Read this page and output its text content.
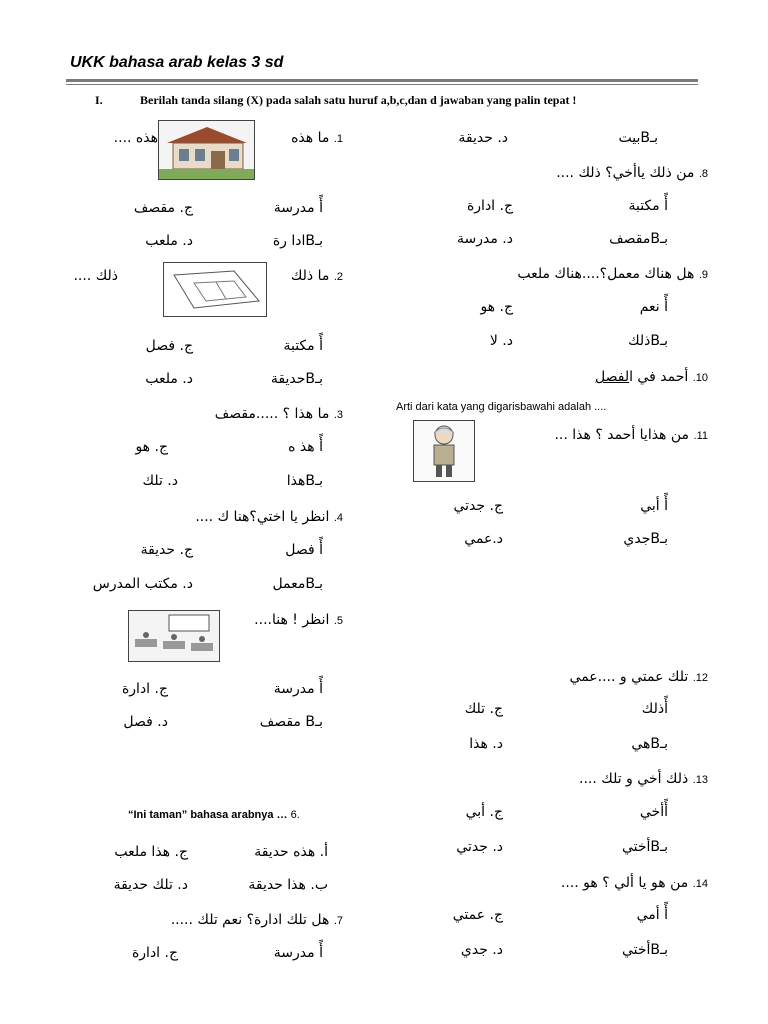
UKK bahasa arab kelas 3 sd
I.	Berilah tanda silang (X) pada salah satu huruf a,b,c,dan d jawaban yang palin tepat !
1. ما هذه
هذه ....
أً مدرسة
ج. مقصف
بـBادا رة
د. ملعب
2. ما ذلك
ذلك ....
أً مكتبة
ج. فصل
بـBحديقة
د. ملعب
3. ما هذا ؟ .....مقصف
أً هذ ه
ج. هو
بـBهذا
د. تلك
4. انظر يا اختي؟هنا ك ....
أً فصل
ج. حديقة
بـBمعمل
د. مكتب المدرس
5. انظر ! هنا....
أً مدرسة
ج. ادارة
بـB مقصف
د. فصل
“Ini taman” bahasa arabnya … 6.
أ. هذه حديقة
ج. هذا ملعب
ب. هذا حديقة
د. تلك حديقة
7. هل تلك ادارة؟ نعم تلك .....
أً مدرسة
ج. ادارة
بـBبيت
د. حديقة
8. من ذلك ياأخي؟ ذلك ....
أً مكتبة
ج. ادارة
بـBمقصف
د. مدرسة
9. هل هناك معمل؟....هناك ملعب
أً نعم
ج. هو
بـBذلك
د. لا
10. أحمد في الفصل
Arti dari kata yang digarisbawahi adalah ....
11. من هذايا أحمد ؟ هذا ...
أً أبي
ج. جدتي
بـBجدي
د.عمي
12. تلك عمتي و ....عمي
أًذلك
ج. تلك
بـBهي
د. هذا
13. ذلك أخي و تلك ....
أًأخي
ج. أبي
بـBأختي
د. جدتي
14. من هو يا ألي ؟ هو ....
أً أمي
ج. عمتي
بـBأختي
د. جدي
